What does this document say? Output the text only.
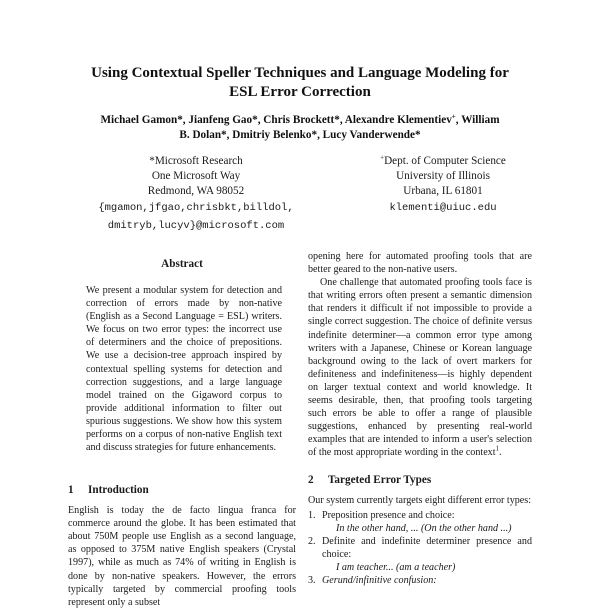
Using Contextual Speller Techniques and Language Modeling for
ESL Error Correction
Michael Gamon*, Jianfeng Gao*, Chris Brockett*, Alexandre Klementiev+, William
B. Dolan*, Dmitriy Belenko*, Lucy Vanderwende*
*Microsoft Research
One Microsoft Way
Redmond, WA 98052
{mgamon,jfgao,chrisbkt,billdol,
dmitryb,lucyv}@microsoft.com
+Dept. of Computer Science
University of Illinois
Urbana, IL 61801
klementi@uiuc.edu
Abstract

We present a modular system for detection and correction of errors made by non-native (English as a Second Language = ESL) writers. We focus on two error types: the incorrect use of determiners and the choice of prepositions. We use a decision-tree approach inspired by contextual spelling systems for detection and correction suggestions, and a large language model trained on the Gigaword corpus to provide additional information to filter out spurious suggestions. We show how this system performs on a corpus of non-native English text and discuss strategies for future enhancements.

1 Introduction

English is today the de facto lingua franca for commerce around the globe. It has been estimated that about 750M people use English as a second language, as opposed to 375M native English speakers (Crystal 1997), while as much as 74% of writing in English is done by non-native speakers. However, the errors typically targeted by commercial proofing tools represent only a subset

opening here for automated proofing tools that are better geared to the non-native users.

One challenge that automated proofing tools face is that writing errors often present a semantic dimension that renders it difficult if not impossible to provide a single correct suggestion. The choice of definite versus indefinite determiner—a common error type among writers with a Japanese, Chinese or Korean language background owing to the lack of overt markers for definiteness and indefiniteness—is highly dependent on larger textual context and world knowledge. It seems desirable, then, that proofing tools targeting such errors be able to offer a range of plausible suggestions, enhanced by presenting real-world examples that are intended to inform a user's selection of the most appropriate wording in the context$^1$.

2 Targeted Error Types

Our system currently targets eight different error types:

1. Preposition presence and choice:
In the other hand, ... (On the other hand ...)
2. Definite and indefinite determiner presence and choice:
I am teacher... (am a teacher)
3. Gerund/infinitive confusion:
